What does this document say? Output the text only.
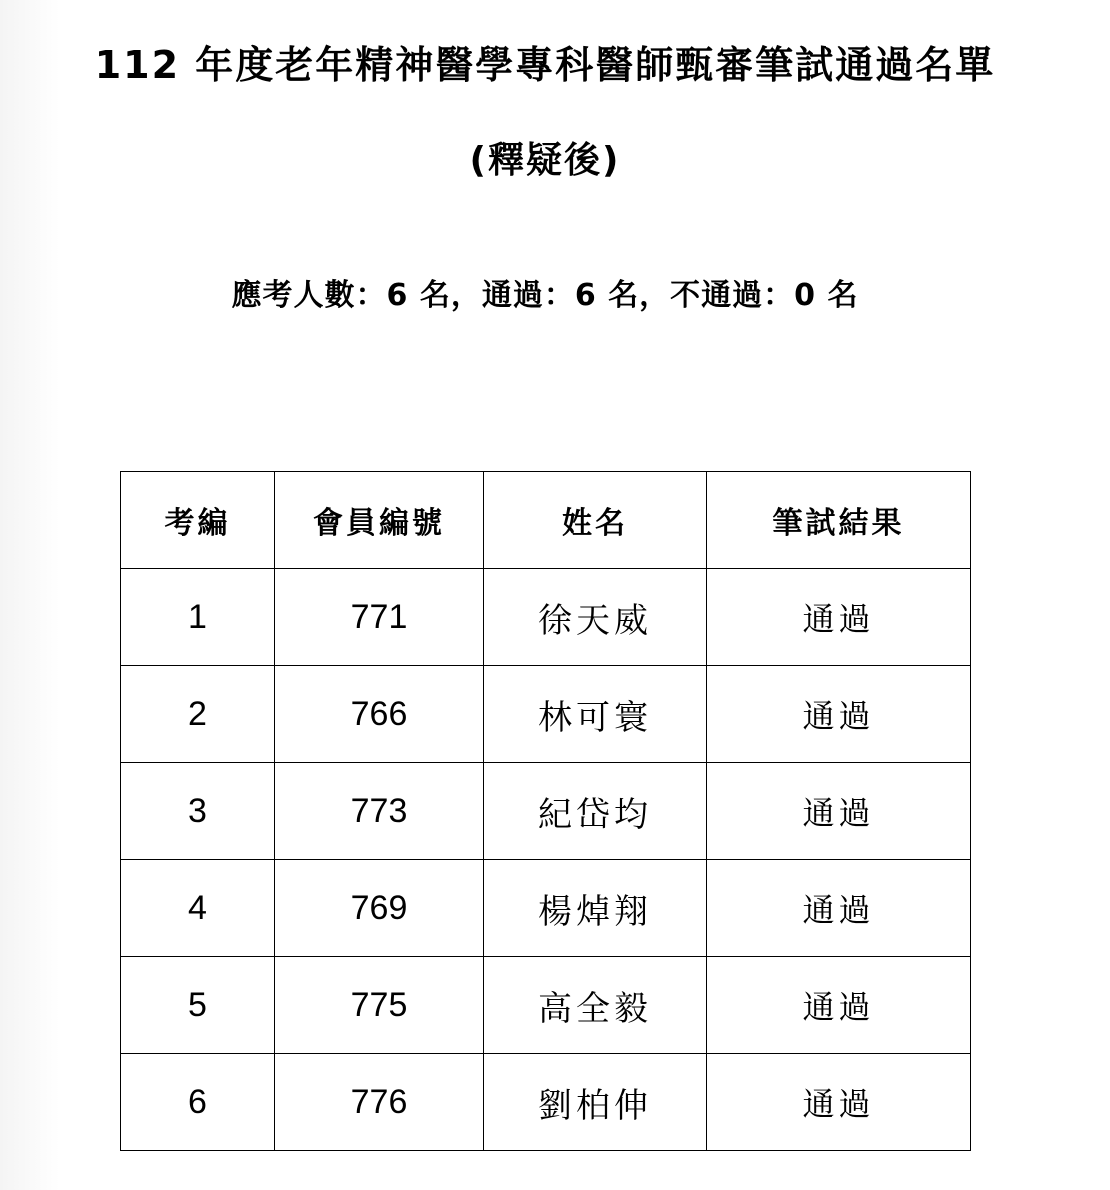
112 年度老年精神醫學專科醫師甄審筆試通過名單
(釋疑後)
應考人數：6 名，通過：6 名，不通過：0 名
考編	會員編號	姓名	筆試結果
1	771	徐天威	通過
2	766	林可寰	通過
3	773	紀岱均	通過
4	769	楊焯翔	通過
5	775	高全毅	通過
6	776	劉柏伸	通過
